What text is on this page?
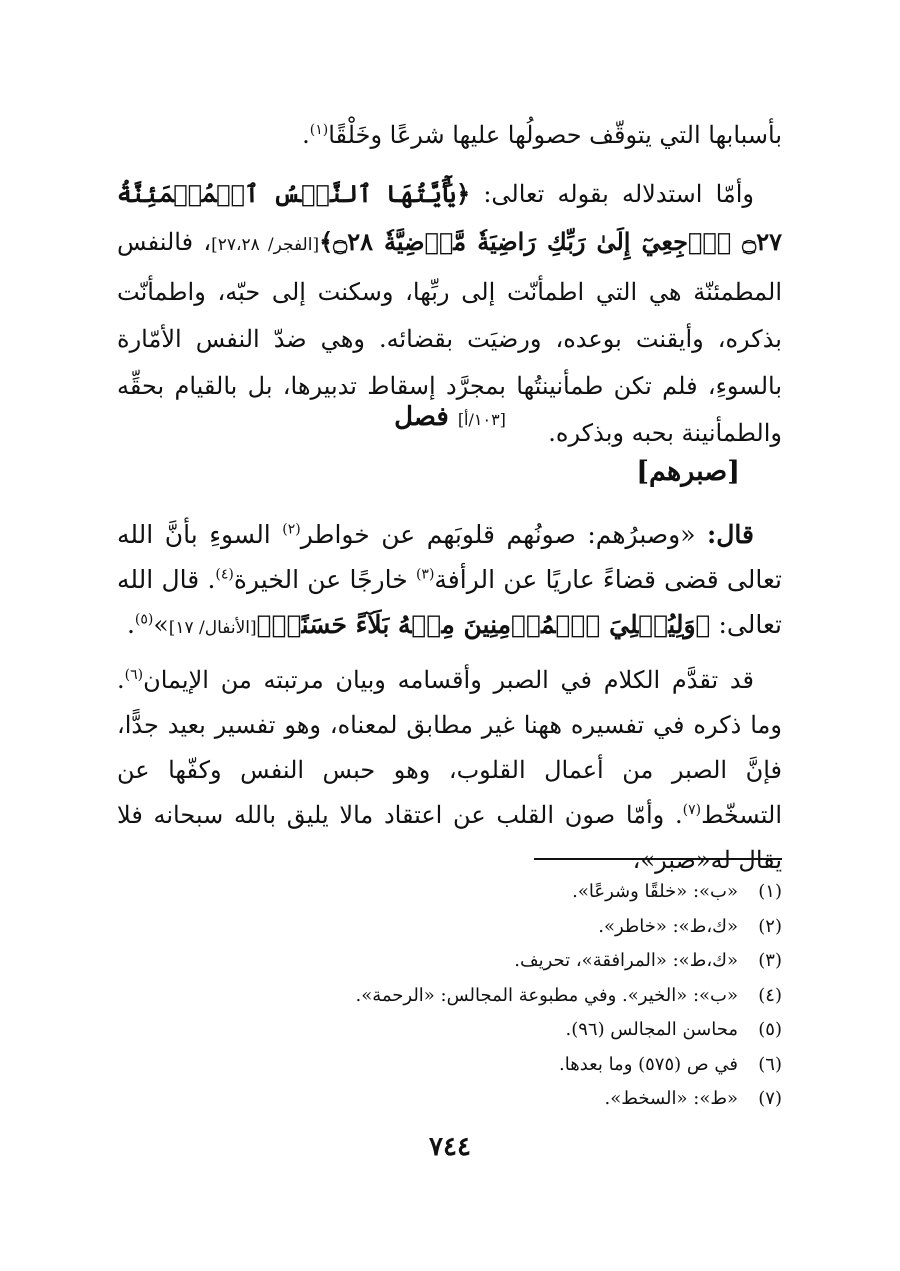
بأسبابها التي يتوقّف حصولُها عليها شرعًا وخَلْقًا$^{(١)}$.
وأمّا استدلاله بقوله تعالى: ﴿يَٰٓأَيَّتُهَا ٱلنَّفۡسُ ٱلۡمُطۡمَئِنَّةُ ۝٢٧ ٱرۡجِعِيٓ إِلَىٰ رَبِّكِ رَاضِيَةٗ مَّرۡضِيَّةٗ ۝٢٨﴾[الفجر/ ٢٧،٢٨]، فالنفس المطمئنّة هي التي اطمأنّت إلى ربِّها، وسكنت إلى حبّه، واطمأنّت بذكره، وأيقنت بوعده، ورضيَت بقضائه. وهي ضدّ النفس الأمّارة بالسوءِ، فلم تكن طمأنينتُها بمجرَّد إسقاط تدبيرها، بل بالقيام بحقِّه والطمأنينة بحبه وبذكره.
[١٠٣/أ] فصل
[صبرهم]
قال: «وصبرُهم: صونُهم قلوبَهم عن خواطر$^{(٢)}$ السوءِ بأنَّ الله تعالى قضى قضاءً عاريًا عن الرأفة$^{(٣)}$ خارجًا عن الخيرة$^{(٤)}$. قال الله تعالى: ﴿وَلِيُبۡلِيَ ٱلۡمُؤۡمِنِينَ مِنۡهُ بَلَآءً حَسَنًاۚ﴾[الأنفال/ ١٧]»$^{(٥)}$.
قد تقدَّم الكلام في الصبر وأقسامه وبيان مرتبته من الإيمان$^{(٦)}$. وما ذكره في تفسيره ههنا غير مطابق لمعناه، وهو تفسير بعيد جدًّا، فإنَّ الصبر من أعمال القلوب، وهو حبس النفس وكفّها عن التسخّط$^{(٧)}$. وأمّا صون القلب عن اعتقاد مالا يليق بالله سبحانه فلا يقال له«صبر»،
(١)«ب»: «خلقًا وشرعًا».
(٢)«ك،ط»: «خاطر».
(٣)«ك،ط»: «المرافقة»، تحريف.
(٤)«ب»: «الخير». وفي مطبوعة المجالس: «الرحمة».
(٥)محاسن المجالس (٩٦).
(٦)في ص (٥٧٥) وما بعدها.
(٧)«ط»: «السخط».
٧٤٤
